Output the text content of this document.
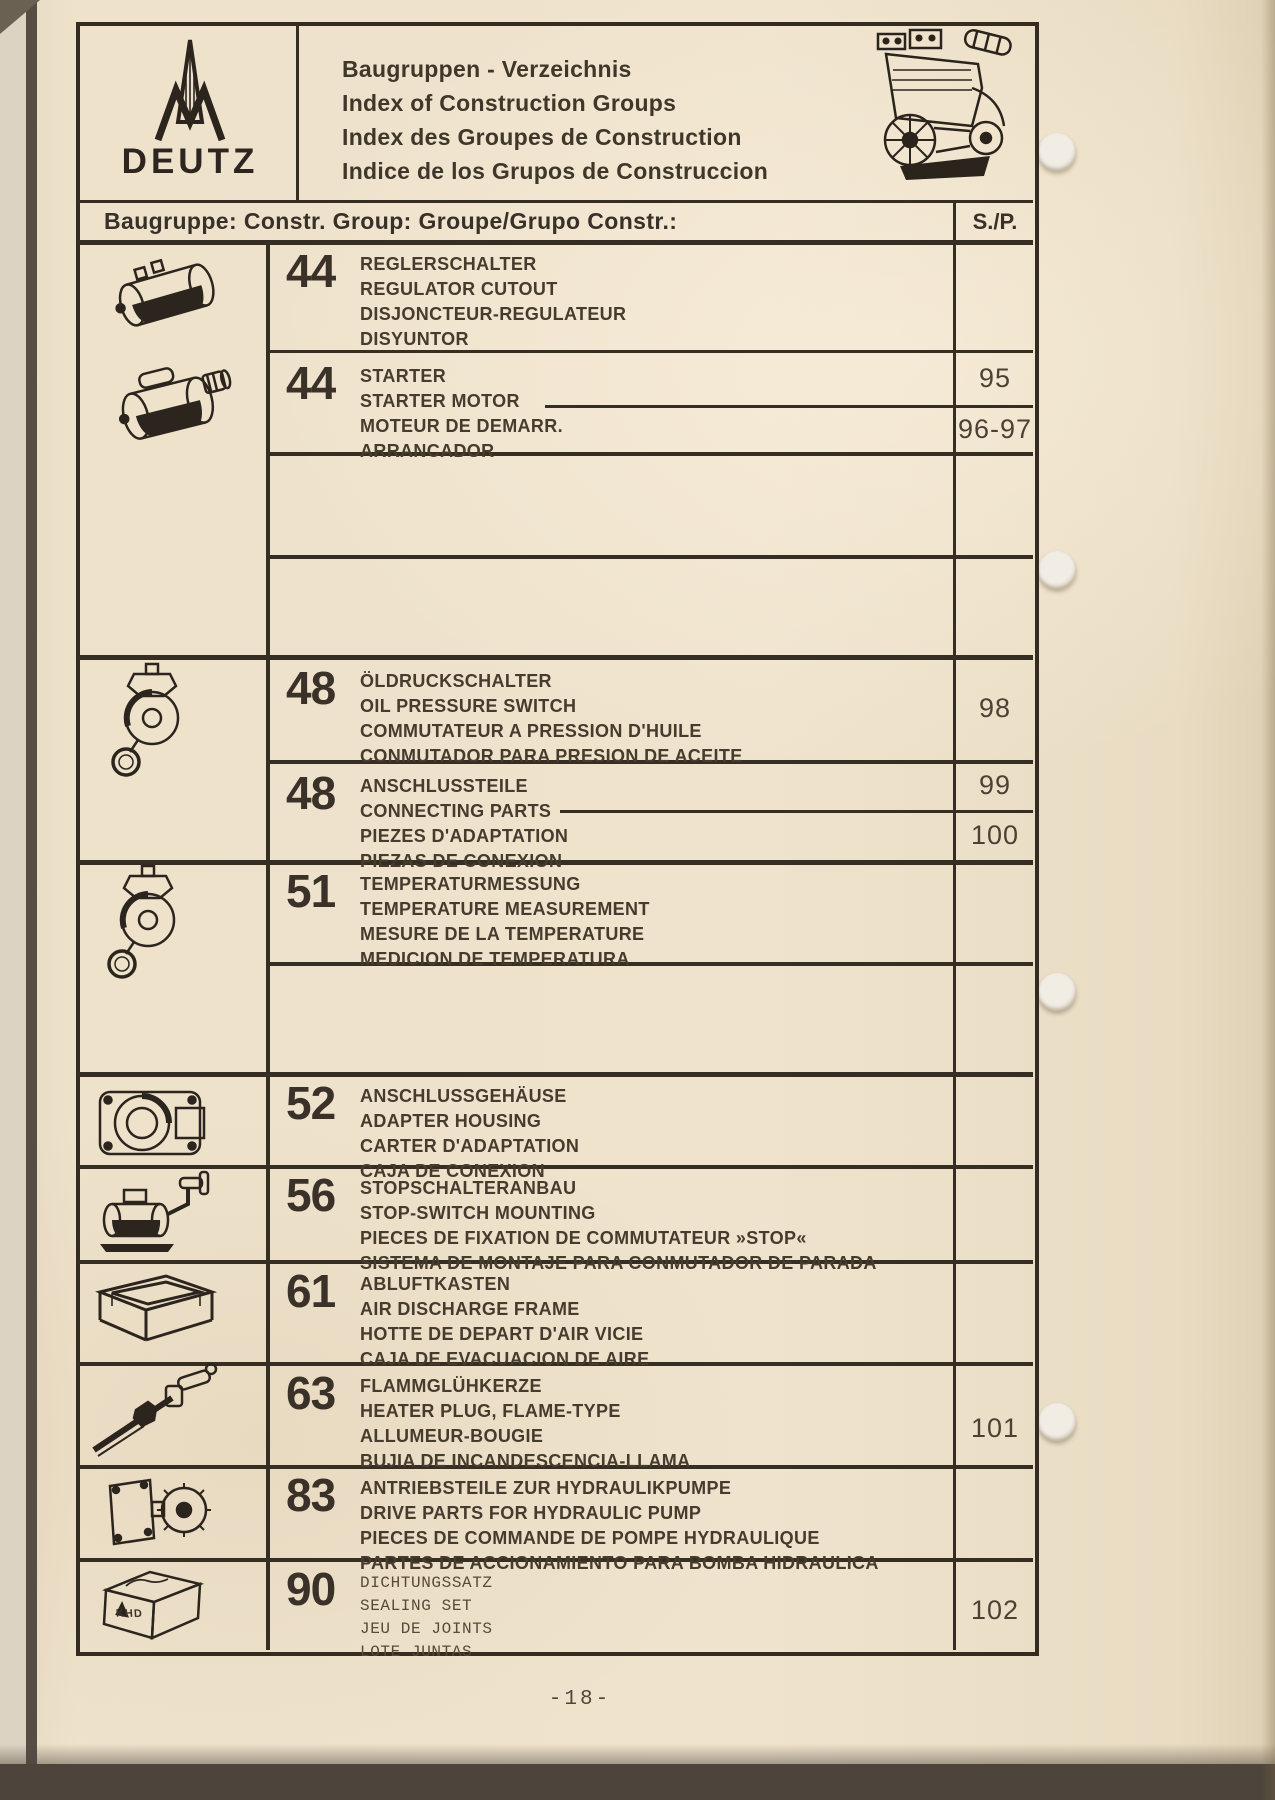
DEUTZ
Baugruppen - Verzeichnis
Index of Construction Groups
Index des Groupes de Construction
Indice de los Grupos de Construccion
Baugruppe: Constr. Group: Groupe/Grupo Constr.:	S./P.
44 REGLERSCHALTER
REGULATOR CUTOUT
DISJONCTEUR-REGULATEUR
DISYUNTOR
44 STARTER
STARTER MOTOR
MOTEUR DE DEMARR.
ARRANCADOR
95
96-97
48 ÖLDRUCKSCHALTER
OIL PRESSURE SWITCH
COMMUTATEUR A PRESSION D'HUILE
CONMUTADOR PARA PRESION DE ACEITE
98
48 ANSCHLUSSTEILE
CONNECTING PARTS
PIEZES D'ADAPTATION
PIEZAS DE CONEXION
99
100
51 TEMPERATURMESSUNG
TEMPERATURE MEASUREMENT
MESURE DE LA TEMPERATURE
MEDICION DE TEMPERATURA
52 ANSCHLUSSGEHÄUSE
ADAPTER HOUSING
CARTER D'ADAPTATION
CAJA DE CONEXION
56 STOPSCHALTERANBAU
STOP-SWITCH MOUNTING
PIECES DE FIXATION DE COMMUTATEUR »STOP«
SISTEMA DE MONTAJE PARA CONMUTADOR DE PARADA
61 ABLUFTKASTEN
AIR DISCHARGE FRAME
HOTTE DE DEPART D'AIR VICIE
CAJA DE EVACUACION DE AIRE
63 FLAMMGLÜHKERZE
HEATER PLUG, FLAME-TYPE
ALLUMEUR-BOUGIE
BUJIA DE INCANDESCENCIA-LLAMA
101
83 ANTRIEBSTEILE ZUR HYDRAULIKPUMPE
DRIVE PARTS FOR HYDRAULIC PUMP
PIECES DE COMMANDE DE POMPE HYDRAULIQUE
PARTES DE ACCIONAMIENTO PARA BOMBA HIDRAULICA
90 DICHTUNGSSATZ
SEALING SET
JEU DE JOINTS
LOTE JUNTAS
102
KHD
-18-
